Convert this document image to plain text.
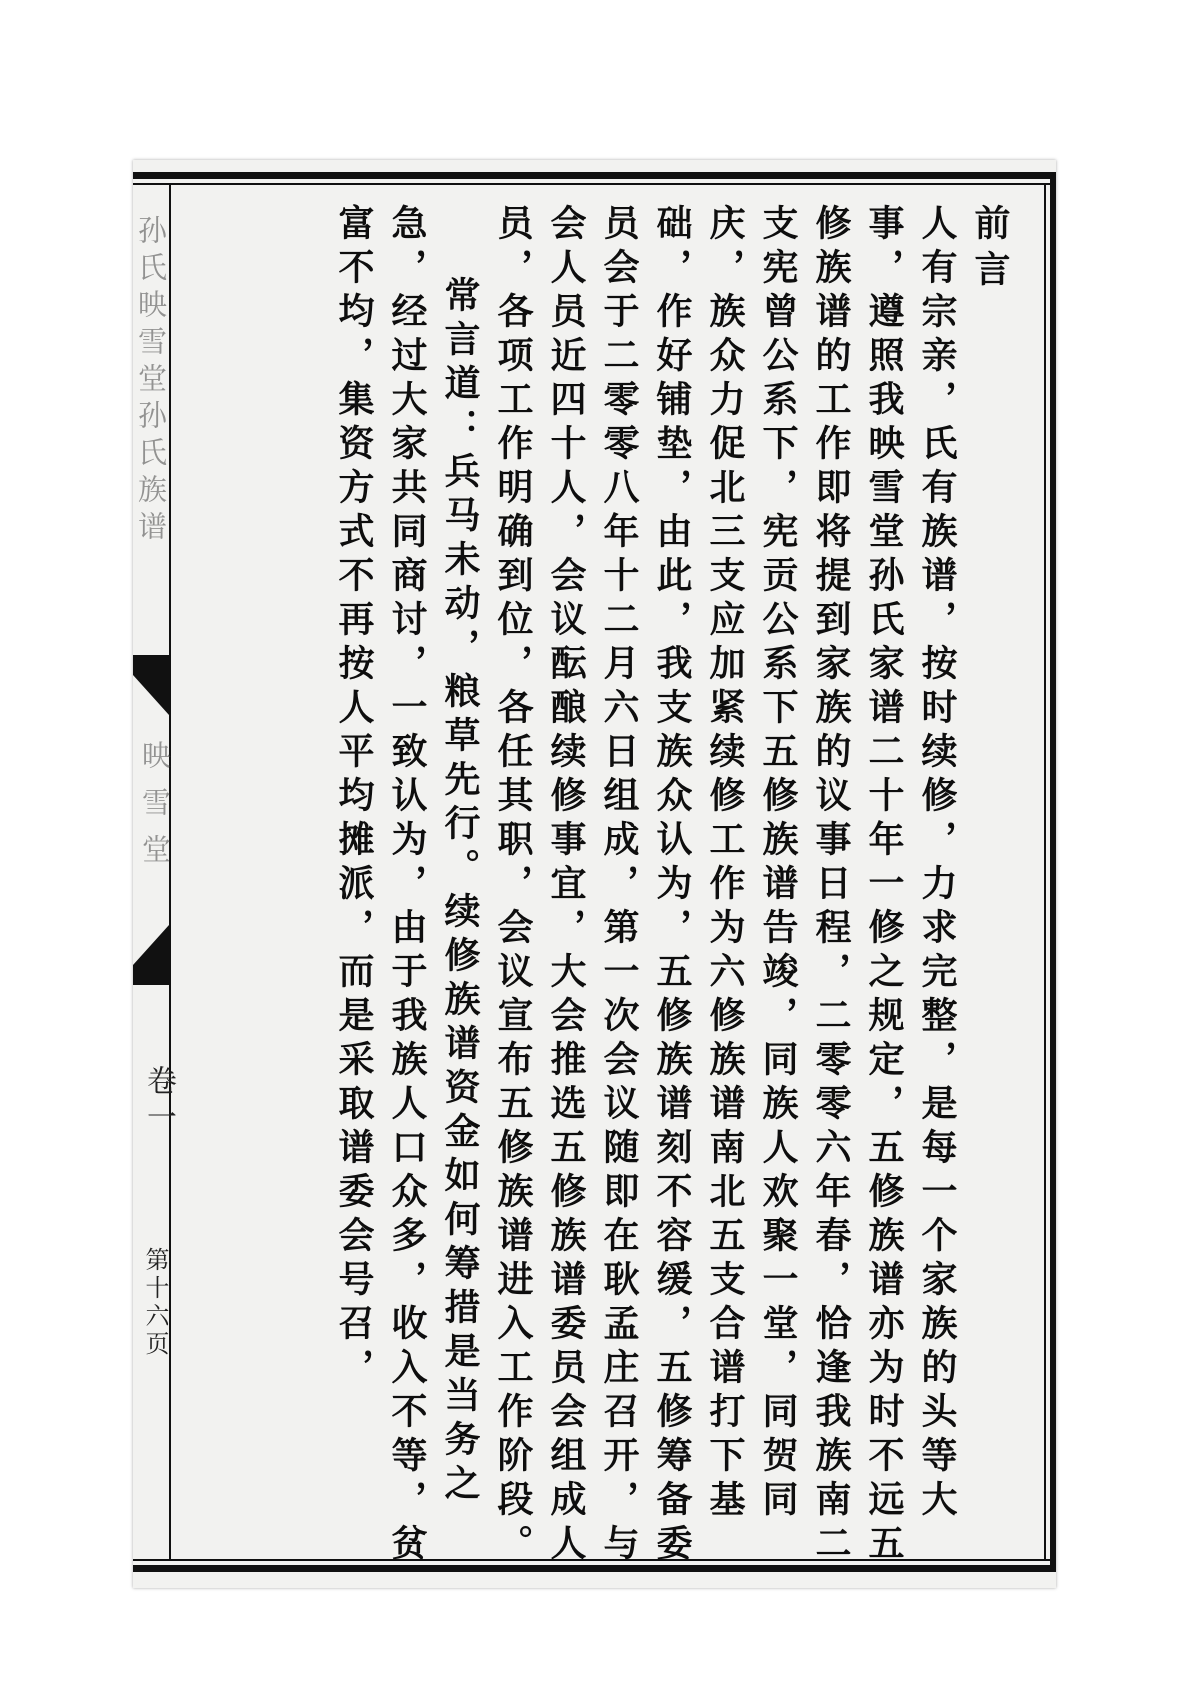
孙氏映雪堂孙氏族谱
映雪堂
卷一
第十六页
前言
人有宗亲，氏有族谱，按时续修，力求完整，是每一个家族的头等大事，遵照我映雪堂孙氏家谱二十年一修之规定，五修族谱亦为时不远五修族谱的工作即将提到家族的议事日程，二零零六年春，恰逢我族南二支宪曾公系下，宪贡公系下五修族谱告竣，同族人欢聚一堂，同贺同庆，族众力促北三支应加紧续修工作为六修族谱南北五支合谱打下基础，作好铺垫，由此，我支族众认为，五修族谱刻不容缓，五修筹备委员会于二零零八年十二月六日组成，第一次会议随即在耿孟庄召开，与会人员近四十人，会议酝酿续修事宜，大会推选五修族谱委员会组成人员，各项工作明确到位，各任其职，会议宣布五修族谱进入工作阶段。
常言道：兵马未动，粮草先行。续修族谱资金如何筹措是当务之急，经过大家共同商讨，一致认为，由于我族人口众多，收入不等，贫富不均，集资方式不再按人平均摊派，而是采取谱委会号召，
